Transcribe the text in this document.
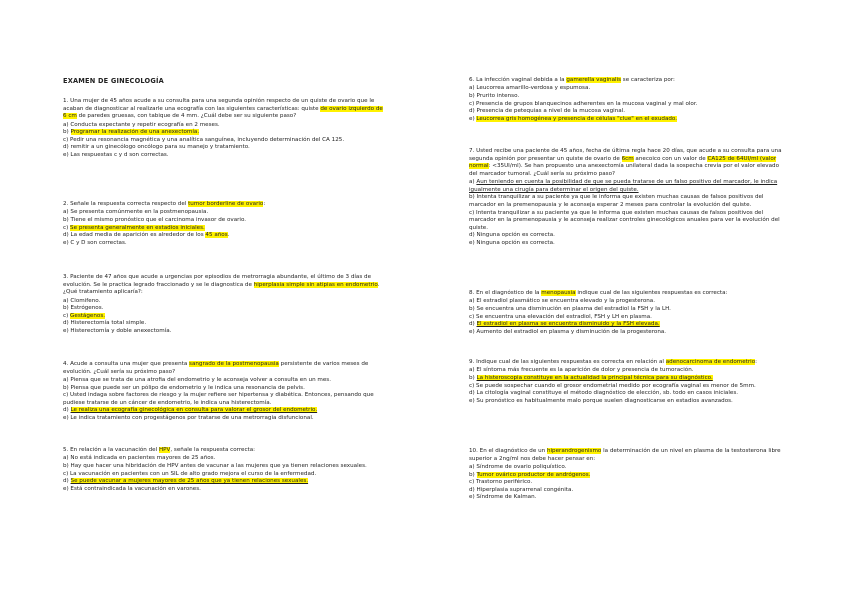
EXAMEN DE GINECOLOGÍA

1. Una mujer de 45 años acude a su consulta para una segunda opinión respecto de un quiste de ovario que le acaban de diagnosticar al realizarle una ecografía con las siguientes características: quiste de ovario izquierdo de 6 cm de paredes gruesas, con tabique de 4 mm. ¿Cuál debe ser su siguiente paso?

a) Conducta expectante y repetir ecografía en 2 meses.

b) Programar la realización de una anexectomía.

c) Pedir una resonancia magnética y una analítica sanguínea, incluyendo determinación del CA 125.

d) remitir a un ginecólogo oncólogo para su manejo y tratamiento.

e) Las respuestas c y d son correctas.

2. Señale la respuesta correcta respecto del tumor borderline de ovario:

a) Se presenta comúnmente en la postmenopausia.

b) Tiene el mismo pronóstico que el carcinoma invasor de ovario.

c) Se presenta generalmente en estadios iniciales.

d) La edad media de aparición es alrededor de los 45 años.

e) C y D son correctas.

3. Paciente de 47 años que acude a urgencias por episodios de metrorragia abundante, el último de 3 días de evolución. Se le practica legrado fraccionado y se le diagnostica de hiperplasia simple sin atipias en endometrio. ¿Qué tratamiento aplicaría?:

a) Clomifeno.

b) Estrógenos.

c) Gestágenos.

d) Histerectomía total simple.

e) Histerectomía y doble anexectomía.

4. Acude a consulta una mujer que presenta sangrado de la postmenopausia persistente de varios meses de evolución. ¿Cuál sería su próximo paso?

a) Piensa que se trata de una atrofia del endometrio y le aconseja volver a consulta en un mes.

b) Piensa que puede ser un pólipo de endometrio y le indica una resonancia de pelvis.

c) Usted indaga sobre factores de riesgo y la mujer refiere ser hipertensa y diabética. Entonces, pensando que pudiese tratarse de un cáncer de endometrio, le indica una histerectomía.

d) Le realiza una ecografía ginecológica en consulta para valorar el grosor del endometrio.

e) Le indica tratamiento con progestágenos por tratarse de una metrorragia disfuncional.

5. En relación a la vacunación del HPV, señale la respuesta correcta:

a) No está indicada en pacientes mayores de 25 años.

b) Hay que hacer una hibridación de HPV antes de vacunar a las mujeres que ya tienen relaciones sexuales.

c) La vacunación en pacientes con un SIL de alto grado mejora el curso de la enfermedad.

d) Se puede vacunar a mujeres mayores de 25 años que ya tienen relaciones sexuales.

e) Está contraindicada la vacunación en varones.

6. La infección vaginal debida a la gamerella vaginalis se caracteriza por:

a) Leucorrea amarillo-verdosa y espumosa.

b) Prurito intenso.

c) Presencia de grupos blanquecinos adherentes en la mucosa vaginal y mal olor.

d) Presencia de petequias a nivel de la mucosa vaginal.

e) Leucorrea gris homogénea y presencia de células "clue" en el exudado.

7. Usted recibe una paciente de 45 años, fecha de última regla hace 20 días, que acude a su consulta para una segunda opinión por presentar un quiste de ovario de 6cm anecoico con un valor de CA125 de 64UI/ml (valor normal: <35UI/ml). Se han propuesto una anexectomía unilateral dada la sospecha crevía por el valor elevado del marcador tumoral. ¿Cuál sería su próximo paso?

a) Aun teniendo en cuenta la posibilidad de que se pueda tratarse de un falso positivo del marcador, le indica igualmente una cirugía para determinar el origen del quiste.

b) Intenta tranquilizar a su paciente ya que le informa que existen muchas causas de falsos positivos del marcador en la premenopausia y le aconseja esperar 2 meses para controlar la evolución del quiste.

c) Intenta tranquilizar a su paciente ya que le informa que existen muchas causas de falsos positivos del marcador en la premenopausia y le aconseja realizar controles ginecológicos anuales para ver la evolución del quiste.

d) Ninguna opción es correcta.

e) Ninguna opción es correcta.

8. En el diagnóstico de la menopausia indique cual de las siguientes respuestas es correcta:

a) El estradiol plasmático se encuentra elevado y la progesterona.

b) Se encuentra una disminución en plasma del estradiol la FSH y la LH.

c) Se encuentra una elevación del estradiol, FSH y LH en plasma.

d) El estradiol en plasma se encuentra disminuido y la FSH elevada.

e) Aumento del estradiol en plasma y disminución de la progesterona.

9. Indique cual de las siguientes respuestas es correcta en relación al adenocarcinoma de endometrio:

a) El síntoma más frecuente es la aparición de dolor y presencia de tumoración.

b) La histeroscopia constituye en la actualidad la principal técnica para su diagnóstico.

c) Se puede sospechar cuando el grosor endometrial medido por ecografía vaginal es menor de 5mm.

d) La citología vaginal constituye el método diagnóstico de elección, sb. todo en casos iniciales.

e) Su pronóstico es habitualmente malo porque suelen diagnosticarse en estadios avanzados.

10. En el diagnóstico de un hiperandrogenismo la determinación de un nivel en plasma de la testosterona libre superior a 2ng/ml nos debe hacer pensar en:

a) Síndrome de ovario poliquístico.

b) Tumor ovárico productor de andrógenos.

c) Trastorno periférico.

d) Hiperplasia suprarrenal congénita.

e) Síndrome de Kalman.
